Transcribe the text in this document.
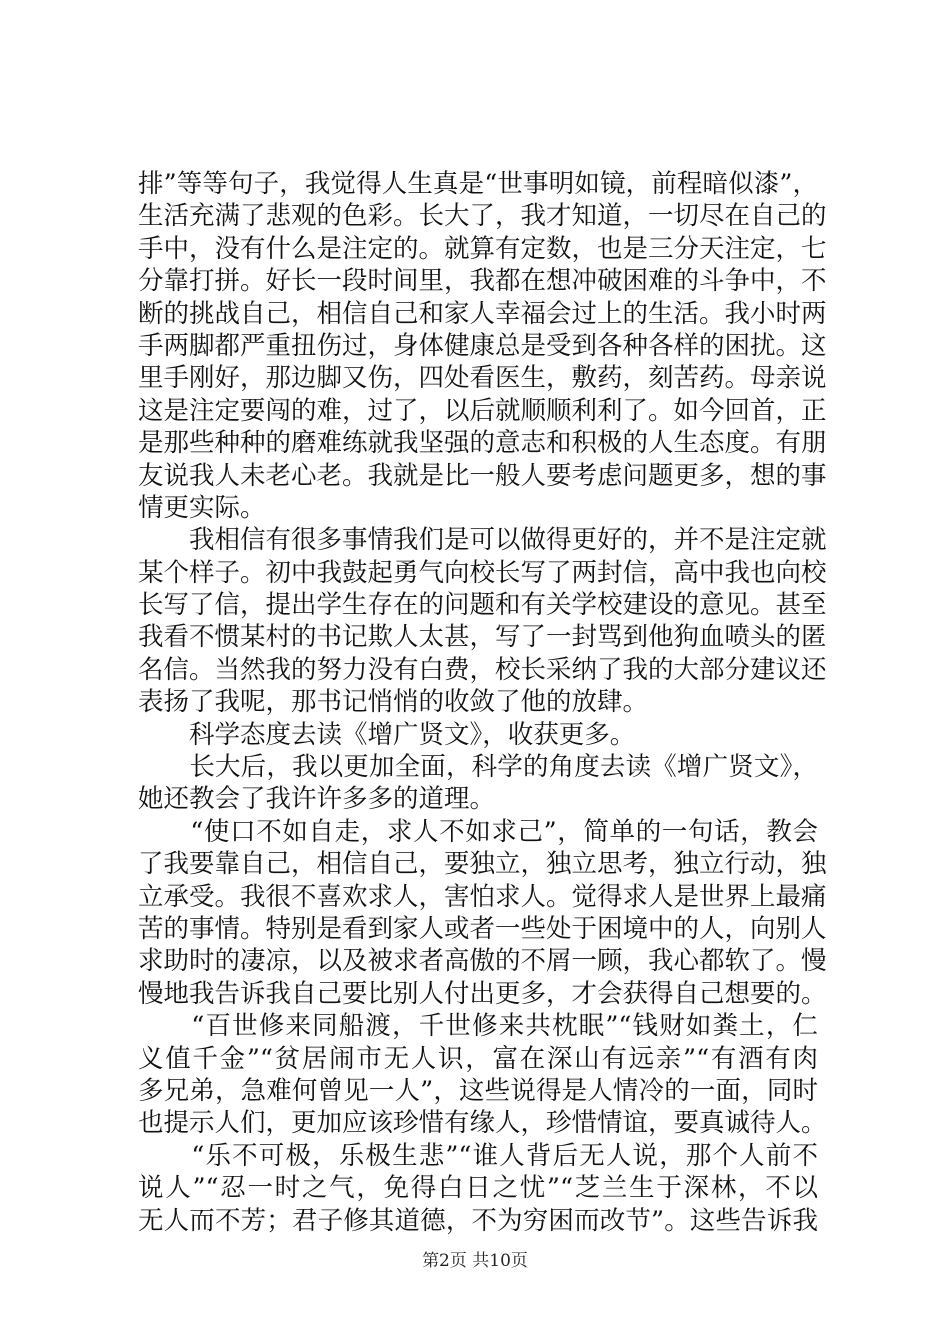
排”等等句子，我觉得人生真是“世事明如镜，前程暗似漆”，
生活充满了悲观的色彩。长大了，我才知道，一切尽在自己的
手中，没有什么是注定的。就算有定数，也是三分天注定，七
分靠打拼。好长一段时间里，我都在想冲破困难的斗争中，不
断的挑战自己，相信自己和家人幸福会过上的生活。我小时两
手两脚都严重扭伤过，身体健康总是受到各种各样的困扰。这
里手刚好，那边脚又伤，四处看医生，敷药，刻苦药。母亲说
这是注定要闯的难，过了，以后就顺顺利利了。如今回首，正
是那些种种的磨难练就我坚强的意志和积极的人生态度。有朋
友说我人未老心老。我就是比一般人要考虑问题更多，想的事
情更实际。
　　我相信有很多事情我们是可以做得更好的，并不是注定就
某个样子。初中我鼓起勇气向校长写了两封信，高中我也向校
长写了信，提出学生存在的问题和有关学校建设的意见。甚至
我看不惯某村的书记欺人太甚，写了一封骂到他狗血喷头的匿
名信。当然我的努力没有白费，校长采纳了我的大部分建议还
表扬了我呢，那书记悄悄的收敛了他的放肆。
　　科学态度去读《增广贤文》，收获更多。
　　长大后，我以更加全面，科学的角度去读《增广贤文》，
她还教会了我许许多多的道理。
　　“使口不如自走，求人不如求己”，简单的一句话，教会
了我要靠自己，相信自己，要独立，独立思考，独立行动，独
立承受。我很不喜欢求人，害怕求人。觉得求人是世界上最痛
苦的事情。特别是看到家人或者一些处于困境中的人，向别人
求助时的凄凉，以及被求者高傲的不屑一顾，我心都软了。慢
慢地我告诉我自己要比别人付出更多，才会获得自己想要的。
　　“百世修来同船渡，千世修来共枕眠”“钱财如粪土，仁
义值千金”“贫居闹市无人识，富在深山有远亲”“有酒有肉
多兄弟，急难何曾见一人”，这些说得是人情冷的一面，同时
也提示人们，更加应该珍惜有缘人，珍惜情谊，要真诚待人。
　　“乐不可极，乐极生悲”“谁人背后无人说，那个人前不
说人”“忍一时之气，免得白日之忧”“芝兰生于深林，不以
无人而不芳；君子修其道德，不为穷困而改节”。这些告诉我
第2页 共10页
